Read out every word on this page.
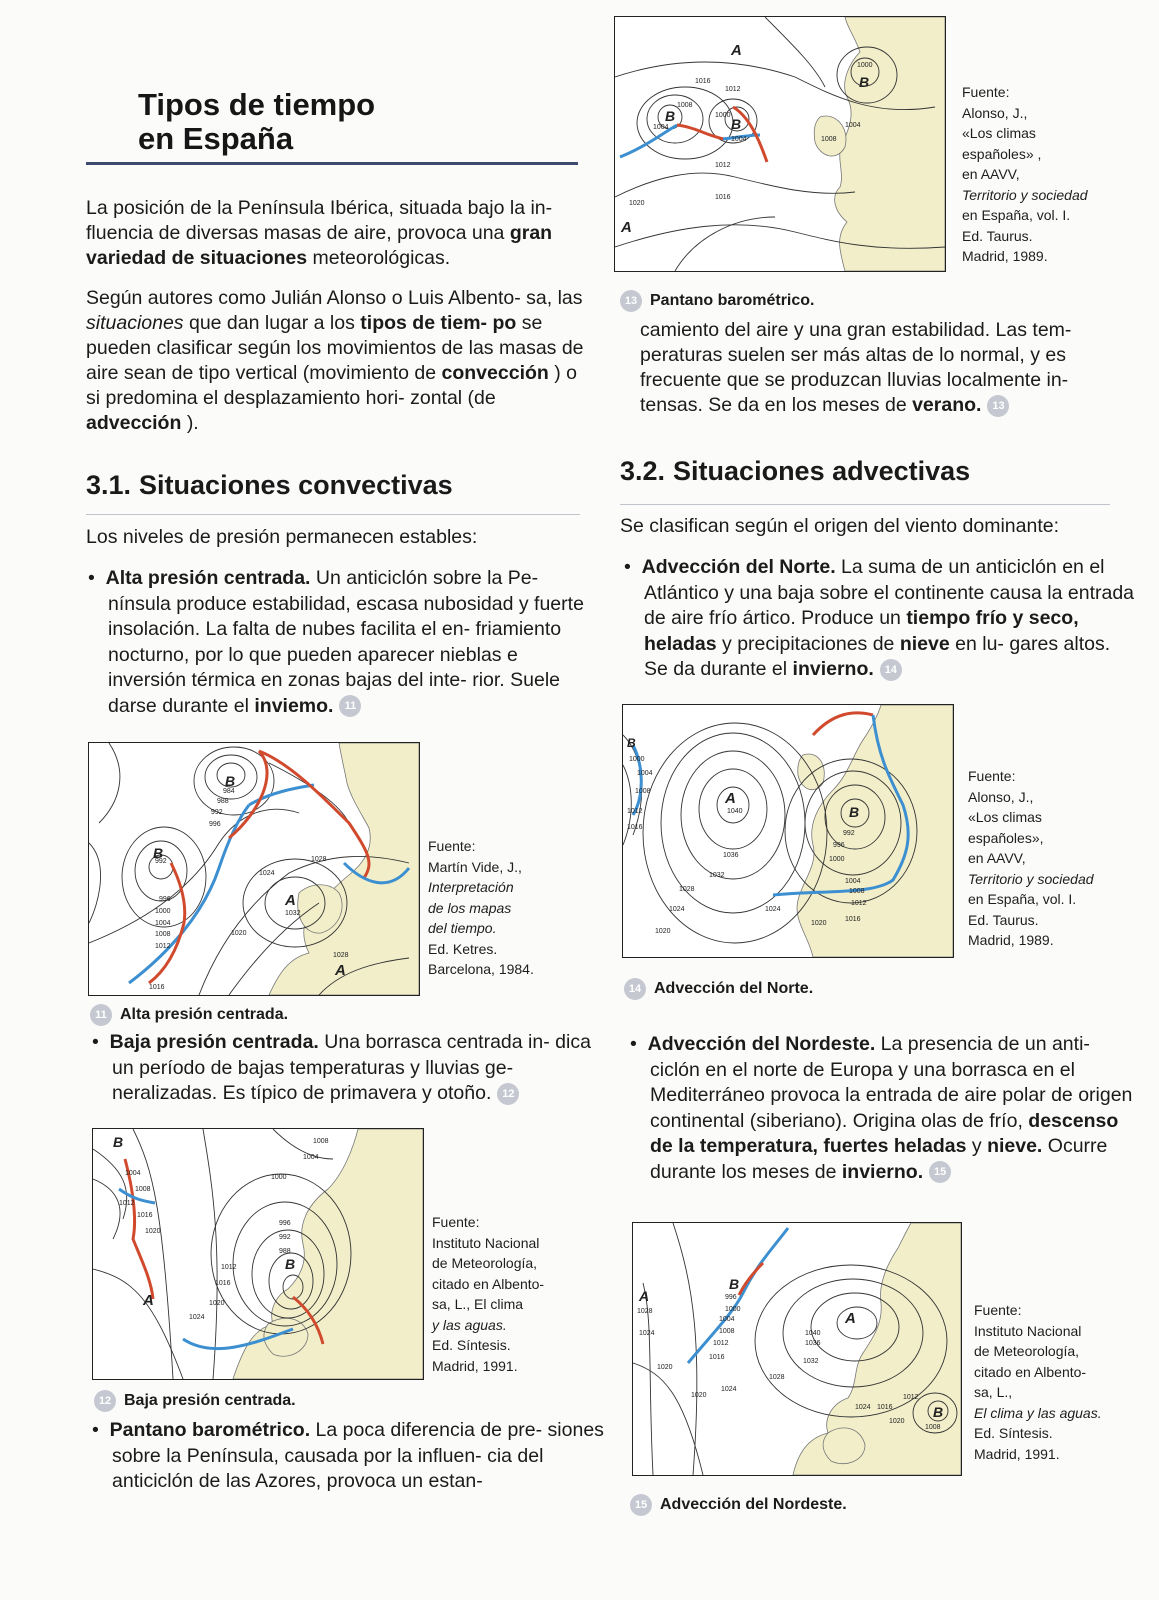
Tipos de tiempo
en España

La posición de la Península Ibérica, situada bajo la in- fluencia de diversas masas de aire, provoca una gran variedad de situaciones meteorológicas.

Según autores como Julián Alonso o Luis Albento- sa, las situaciones que dan lugar a los tipos de tiem- po se pueden clasificar según los movimientos de las masas de aire sean de tipo vertical (movimiento de convección ) o si predomina el desplazamiento hori- zontal (de advección ).

3.1. Situaciones convectivas

Los niveles de presión permanecen estables:

•  Alta presión centrada. Un anticiclón sobre la Pe- nínsula produce estabilidad, escasa nubosidad y fuerte insolación. La falta de nubes facilita el en- friamiento nocturno, por lo que pueden aparecer nieblas e inversión térmica en zonas bajas del inte- rior. Suele darse durante el inviemo. 11

B
B
A
A
984
988
992
996
992
996
1000
1004
1008
1012
1016
1020
1024
1028
1032
1028

Fuente:
Martín Vide, J.,
Interpretación
de los mapas
del tiempo.
Ed. Ketres.
Barcelona, 1984.

11 Alta presión centrada.

•  Baja presión centrada. Una borrasca centrada in- dica un período de bajas temperaturas y lluvias ge- neralizadas. Es típico de primavera y otoño. 12

B
B
A
1004
1008
1012
1016
1020
1008
1004
1000
996
992
988
1012
1016
1020
1024

Fuente:
Instituto Nacional
de Meteorología,
citado en Albento-
sa, L., El clima
y las aguas.
Ed. Síntesis.
Madrid, 1991.

12 Baja presión centrada.

•  Pantano barométrico. La poca diferencia de pre- siones sobre la Península, causada por la influen- cia del anticiclón de las Azores, provoca un estan-

A
A
B	B
B
1016
1012
1008
1004
1000
1004	1008
1000
1004
1012
1016
1020

Fuente:
Alonso, J.,
«Los climas
españoles» ,
en AAVV,
Territorio y sociedad
en España, vol. I.
Ed. Taurus.
Madrid, 1989.

13 Pantano barométrico.

camiento del aire y una gran estabilidad. Las tem- peraturas suelen ser más altas de lo normal, y es frecuente que se produzcan lluvias localmente in- tensas. Se da en los meses de verano. 13

3.2. Situaciones advectivas

Se clasifican según el origen del viento dominante:

•  Advección del Norte. La suma de un anticiclón en el Atlántico y una baja sobre el continente causa la entrada de aire frío ártico. Produce un tiempo frío y seco, heladas y precipitaciones de nieve en lu- gares altos. Se da durante el invierno. 14

B
B
A
1000
1004
1008
1012
1016
1040
1036
1032
1028
1024
1020
992
996
1000
1004
1008
1012
1016
1020
1024

Fuente:
Alonso, J.,
«Los climas
españoles»,
en AAVV,
Territorio y sociedad
en España, vol. I.
Ed. Taurus.
Madrid, 1989.

14 Advección del Norte.

•  Advección del Nordeste. La presencia de un anti- ciclón en el norte de Europa y una borrasca en el Mediterráneo provoca la entrada de aire polar de origen continental (siberiano). Origina olas de frío, descenso de la temperatura, fuertes heladas y nieve. Ocurre durante los meses de invierno. 15

A
A
B
B
1028
1024
996
1000
1004
1008
1012
1016
1040
1036
1032
1028
1020
1020
1024
1024 1016
1012
1008
1020

Fuente:
Instituto Nacional
de Meteorología,
citado en Albento-
sa, L.,
El clima y las aguas.
Ed. Síntesis.
Madrid, 1991.

15 Advección del Nordeste.
